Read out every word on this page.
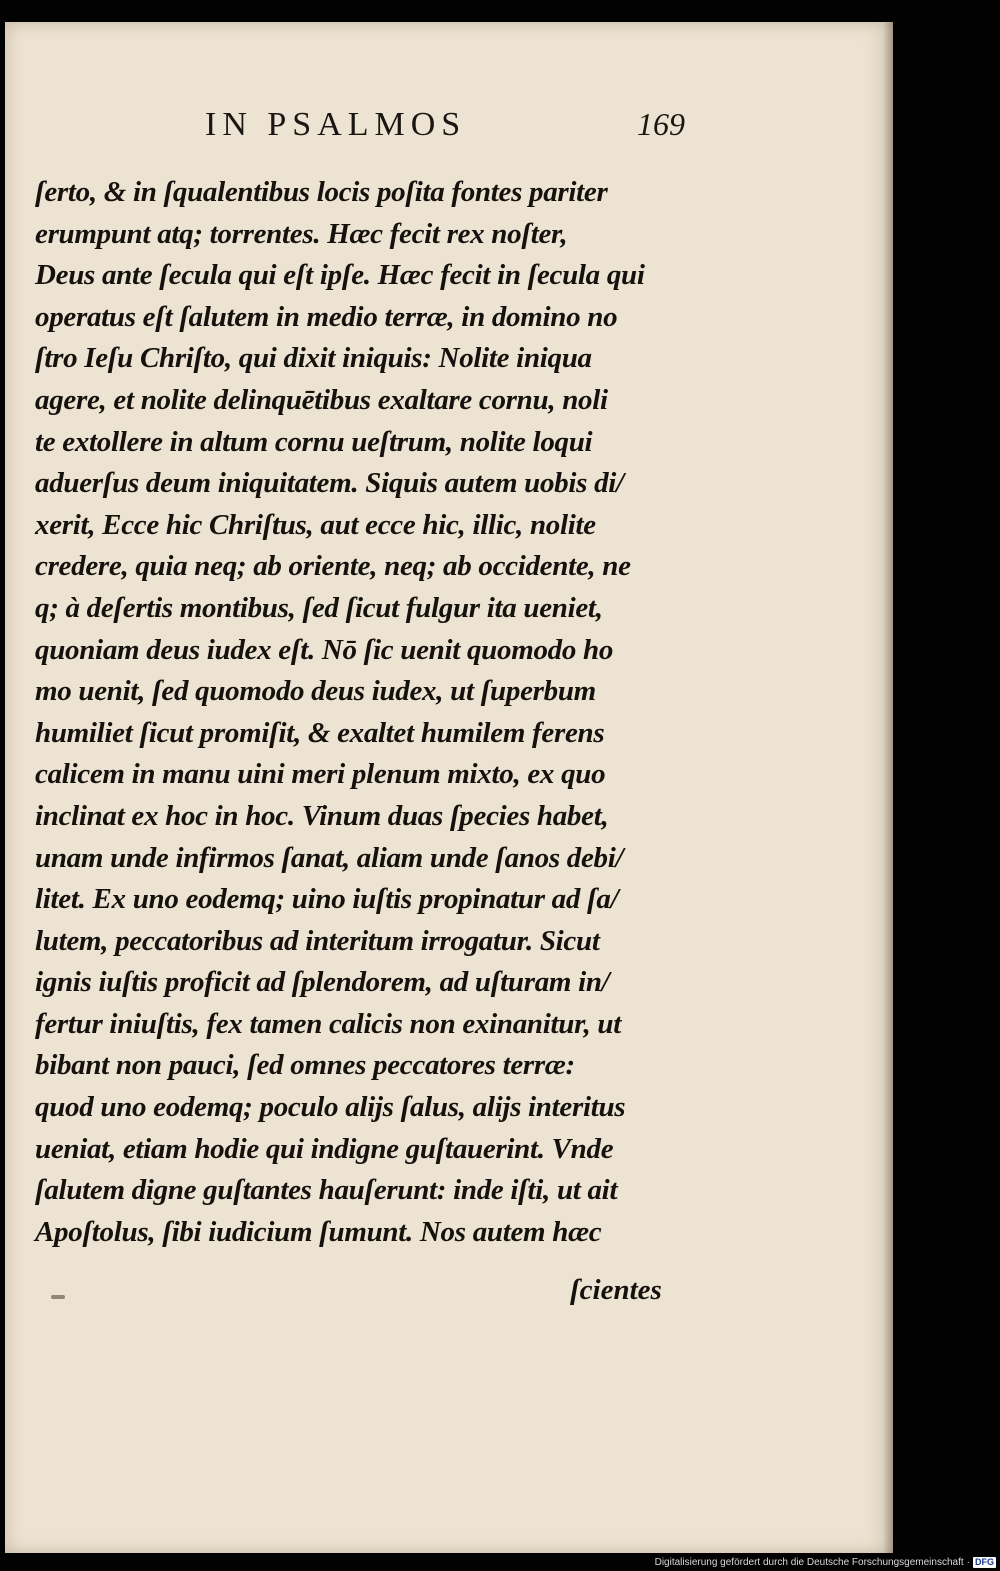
IN PSALMOS	169
ſerto, & in ſqualentibus locis poſita fontes pariter
erumpunt atq; torrentes. Hæc fecit rex noſter,
Deus ante ſecula qui eſt ipſe. Hæc fecit in ſecula qui
operatus eſt ſalutem in medio terræ, in domino no
ſtro Ieſu Chriſto, qui dixit iniquis: Nolite iniqua
agere, et nolite delinquētibus exaltare cornu, noli
te extollere in altum cornu ueſtrum, nolite loqui
aduerſus deum iniquitatem. Siquis autem uobis di/
xerit, Ecce hic Chriſtus, aut ecce hic, illic, nolite
credere, quia neq; ab oriente, neq; ab occidente, ne
q; à deſertis montibus, ſed ſicut fulgur ita ueniet,
quoniam deus iudex eſt. Nō ſic uenit quomodo ho
mo uenit, ſed quomodo deus iudex, ut ſuperbum
humiliet ſicut promiſit, & exaltet humilem ferens
calicem in manu uini meri plenum mixto, ex quo
inclinat ex hoc in hoc. Vinum duas ſpecies habet,
unam unde infirmos ſanat, aliam unde ſanos debi/
litet. Ex uno eodemq; uino iuſtis propinatur ad ſa/
lutem, peccatoribus ad interitum irrogatur. Sicut
ignis iuſtis proficit ad ſplendorem, ad uſturam in/
fertur iniuſtis, fex tamen calicis non exinanitur, ut
bibant non pauci, ſed omnes peccatores terræ:
quod uno eodemq; poculo alijs ſalus, alijs interitus
ueniat, etiam hodie qui indigne guſtauerint. Vnde
ſalutem digne guſtantes hauſerunt: inde iſti, ut ait
Apoſtolus, ſibi iudicium ſumunt. Nos autem hæc
ſcientes
Digitalisierung gefördert durch die Deutsche Forschungsgemeinschaft · DFG
